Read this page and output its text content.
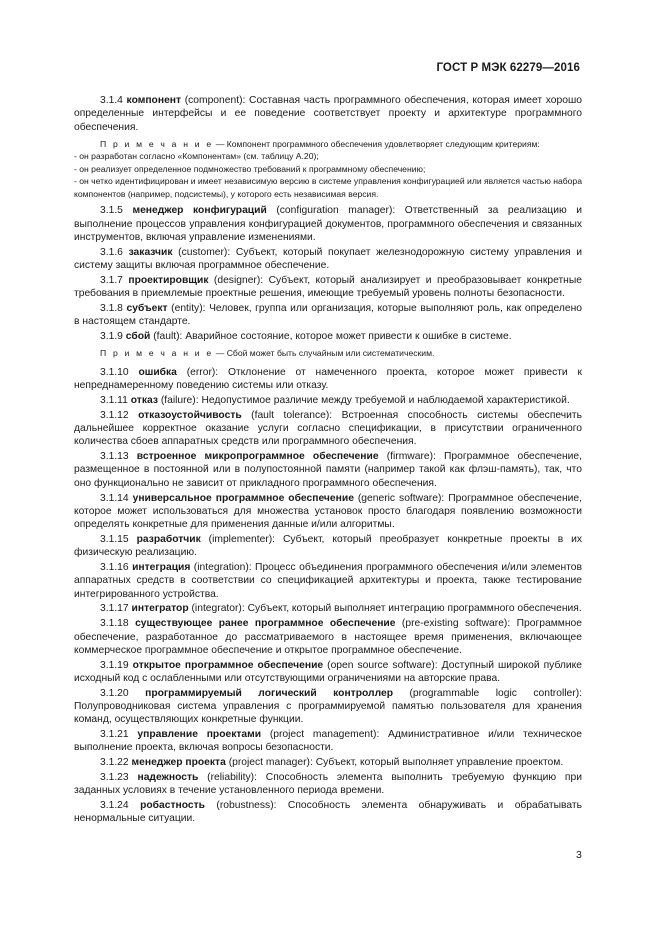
ГОСТ Р МЭК 62279—2016

3.1.4 компонент (component): Составная часть программного обеспечения, которая имеет хорошо определенные интерфейсы и ее поведение соответствует проекту и архитектуре программного обеспечения.

П р и м е ч а н и е — Компонент программного обеспечения удовлетворяет следующим критериям:
- он разработан согласно «Компонентам» (см. таблицу А.20);
- он реализует определенное подмножество требований к программному обеспечению;
- он четко идентифицирован и имеет независимую версию в системе управления конфигурацией или является частью набора компонентов (например, подсистемы), у которого есть независимая версия.

3.1.5 менеджер конфигураций (configuration manager): Ответственный за реализацию и выполнение процессов управления конфигурацией документов, программного обеспечения и связанных инструментов, включая управление изменениями.

3.1.6 заказчик (customer): Субъект, который покупает железнодорожную систему управления и систему защиты включая программное обеспечение.

3.1.7 проектировщик (designer): Субъект, который анализирует и преобразовывает конкретные требования в приемлемые проектные решения, имеющие требуемый уровень полноты безопасности.

3.1.8 субъект (entity): Человек, группа или организация, которые выполняют роль, как определено в настоящем стандарте.

3.1.9 сбой (fault): Аварийное состояние, которое может привести к ошибке в системе.

П р и м е ч а н и е — Сбой может быть случайным или систематическим.

3.1.10 ошибка (error): Отклонение от намеченного проекта, которое может привести к непреднамеренному поведению системы или отказу.

3.1.11 отказ (failure): Недопустимое различие между требуемой и наблюдаемой характеристикой.

3.1.12 отказоустойчивость (fault tolerance): Встроенная способность системы обеспечить дальнейшее корректное оказание услуги согласно спецификации, в присутствии ограниченного количества сбоев аппаратных средств или программного обеспечения.

3.1.13 встроенное микропрограммное обеспечение (firmware): Программное обеспечение, размещенное в постоянной или в полупостоянной памяти (например такой как флэш-память), так, что оно функционально не зависит от прикладного программного обеспечения.

3.1.14 универсальное программное обеспечение (generic software): Программное обеспечение, которое может использоваться для множества установок просто благодаря появлению возможности определять конкретные для применения данные и/или алгоритмы.

3.1.15 разработчик (implementer): Субъект, который преобразует конкретные проекты в их физическую реализацию.

3.1.16 интеграция (integration): Процесс объединения программного обеспечения и/или элементов аппаратных средств в соответствии со спецификацией архитектуры и проекта, также тестирование интегрированного устройства.

3.1.17 интегратор (integrator): Субъект, который выполняет интеграцию программного обеспечения.

3.1.18 существующее ранее программное обеспечение (pre-existing software): Программное обеспечение, разработанное до рассматриваемого в настоящее время применения, включающее коммерческое программное обеспечение и открытое программное обеспечение.

3.1.19 открытое программное обеспечение (open source software): Доступный широкой публике исходный код с ослабленными или отсутствующими ограничениями на авторские права.

3.1.20 программируемый логический контроллер (programmable logic controller): Полупроводниковая система управления с программируемой памятью пользователя для хранения команд, осуществляющих конкретные функции.

3.1.21 управление проектами (project management): Административное и/или техническое выполнение проекта, включая вопросы безопасности.

3.1.22 менеджер проекта (project manager): Субъект, который выполняет управление проектом.

3.1.23 надежность (reliability): Способность элемента выполнить требуемую функцию при заданных условиях в течение установленного периода времени.

3.1.24 робастность (robustness): Способность элемента обнаруживать и обрабатывать ненормальные ситуации.

3
